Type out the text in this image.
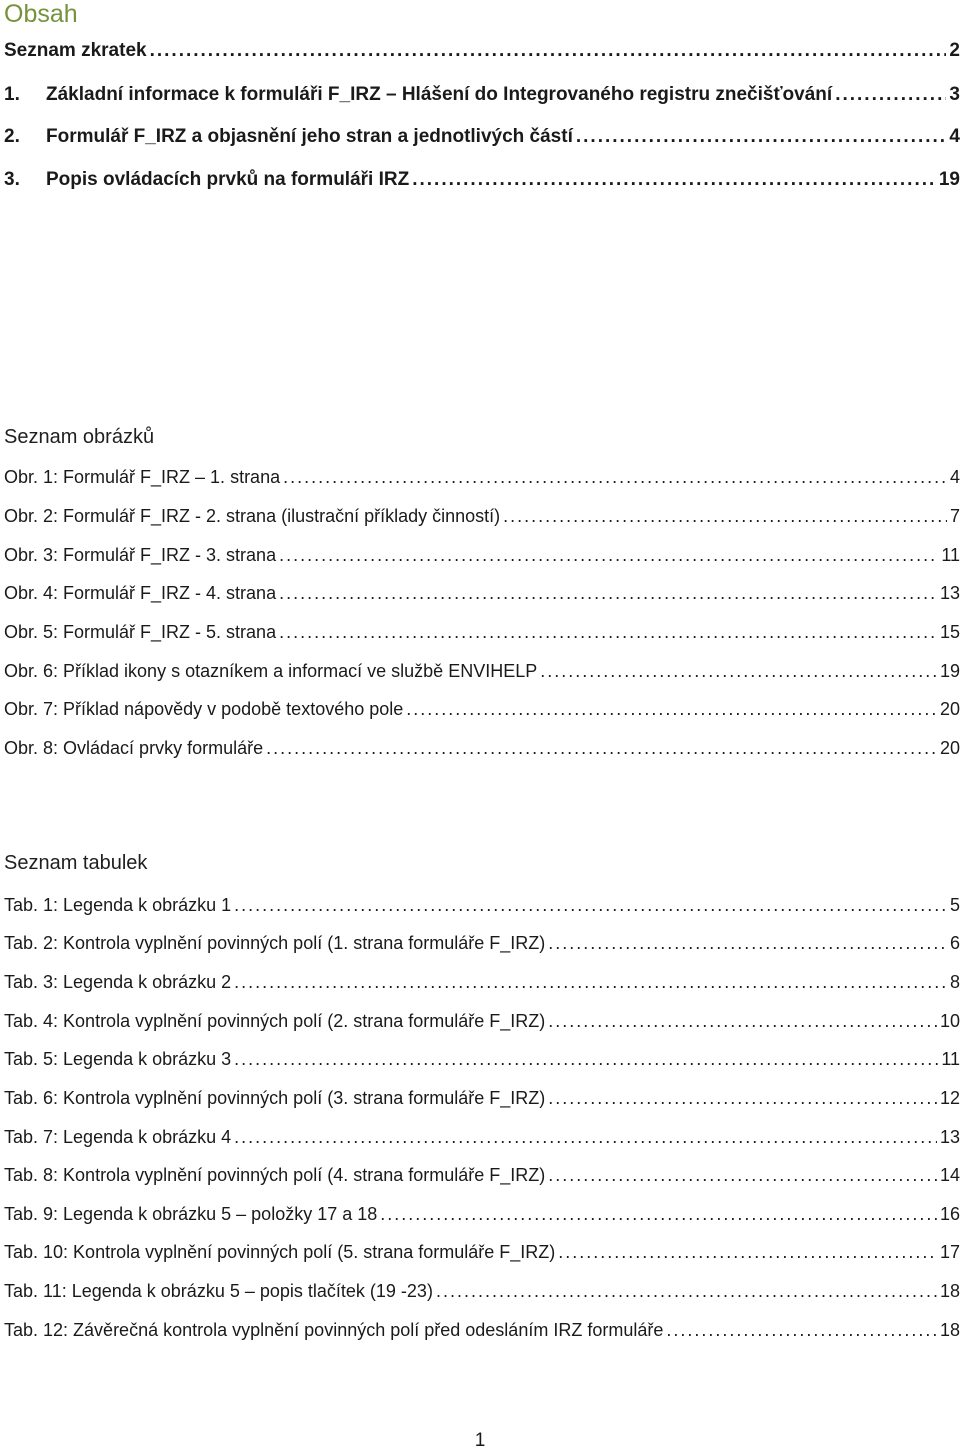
Obsah
Seznam zkratek .....	2
1.	Základní informace k formuláři F_IRZ – Hlášení do Integrovaného registru znečišťování .....	3
2.	Formulář F_IRZ a objasnění jeho stran a jednotlivých částí .....	4
3.	Popis ovládacích prvků na formuláři IRZ .....	19
Seznam obrázků
Obr. 1: Formulář F_IRZ – 1. strana .....	4
Obr. 2: Formulář F_IRZ - 2. strana (ilustrační příklady činností) .....	7
Obr. 3: Formulář F_IRZ - 3. strana .....	11
Obr. 4: Formulář F_IRZ - 4. strana .....	13
Obr. 5: Formulář F_IRZ - 5. strana .....	15
Obr. 6: Příklad ikony s otazníkem a informací ve službě ENVIHELP .....	19
Obr. 7: Příklad nápovědy v podobě textového pole .....	20
Obr. 8: Ovládací prvky formuláře .....	20
Seznam tabulek
Tab. 1: Legenda k obrázku 1 .....	5
Tab. 2: Kontrola vyplnění povinných polí (1. strana formuláře F_IRZ) .....	6
Tab. 3: Legenda k obrázku 2 .....	8
Tab. 4: Kontrola vyplnění povinných polí (2. strana formuláře F_IRZ) .....	10
Tab. 5: Legenda k obrázku 3 .....	11
Tab. 6: Kontrola vyplnění povinných polí (3. strana formuláře F_IRZ) .....	12
Tab. 7: Legenda k obrázku 4 .....	13
Tab. 8: Kontrola vyplnění povinných polí (4. strana formuláře F_IRZ) .....	14
Tab. 9: Legenda k obrázku 5 – položky 17 a 18 .....	16
Tab. 10: Kontrola vyplnění povinných polí (5. strana formuláře F_IRZ) .....	17
Tab. 11: Legenda k obrázku 5 – popis tlačítek (19 -23) .....	18
Tab. 12: Závěrečná kontrola vyplnění povinných polí před odesláním IRZ formuláře .....	18
1
